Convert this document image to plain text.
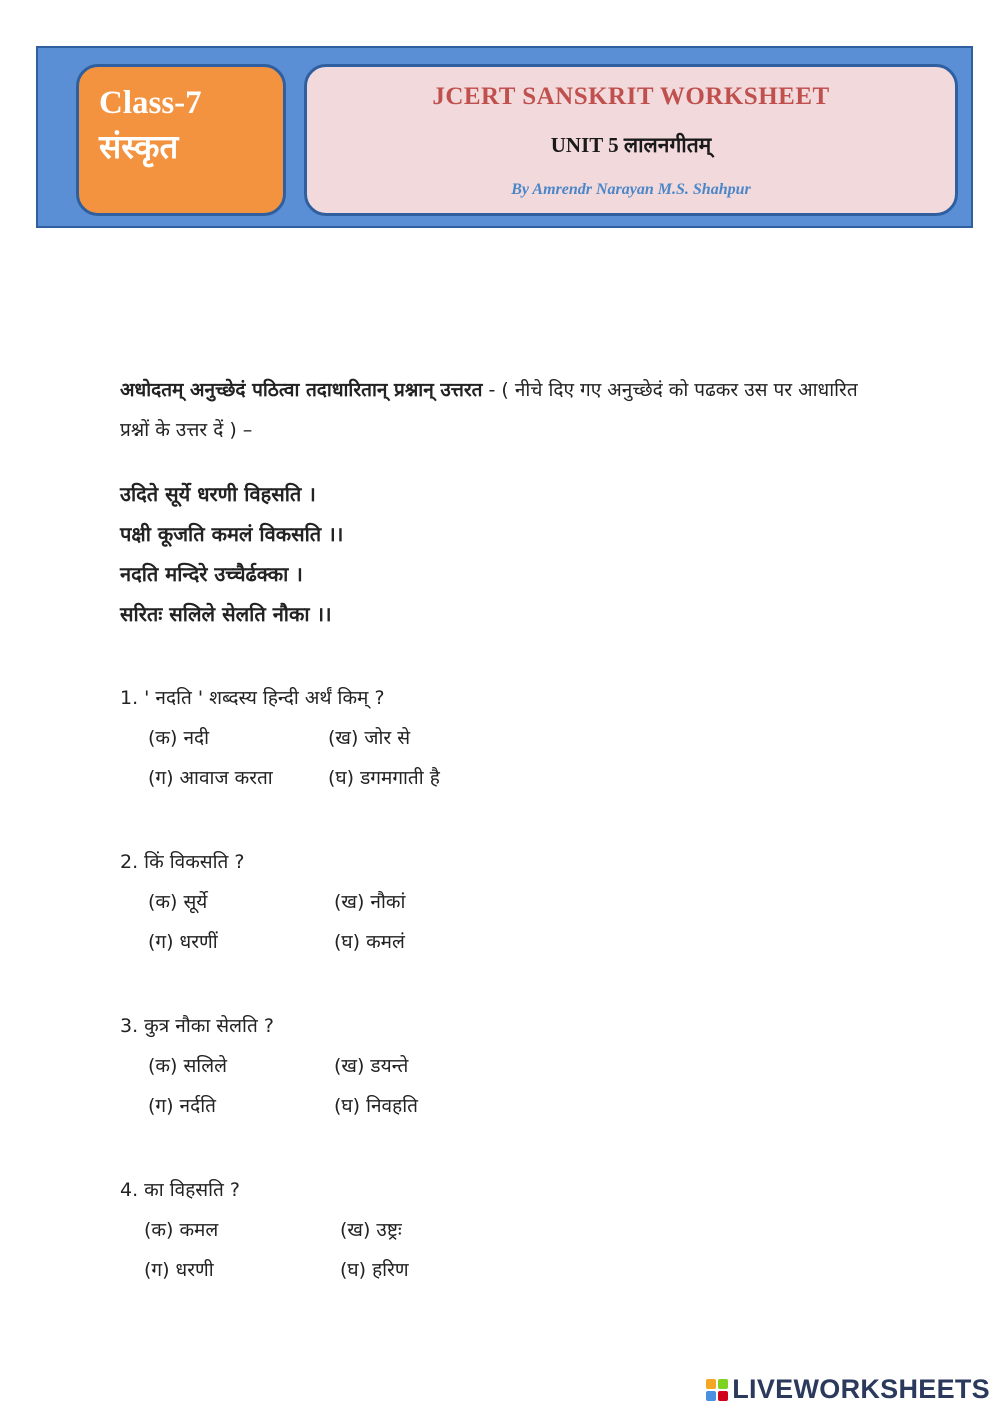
Class-7
संस्कृत
JCERT SANSKRIT WORKSHEET
UNIT 5 लालनगीतम्
By Amrendr Narayan M.S. Shahpur
अधोदतम् अनुच्छेदं पठित्वा तदाधारितान् प्रश्नान् उत्तरत - ( नीचे दिए गए अनुच्छेदं को पढकर उस पर आधारित प्रश्नों के उत्तर दें ) –
उदिते सूर्ये धरणी विहसति ।
पक्षी कूजति कमलं विकसति ।।
नदति मन्दिरे उच्चैर्ढक्का ।
सरितः सलिले सेलति नौका ।।
1. ' नदति ' शब्दस्य हिन्दी अर्थं किम् ?
(क) नदी	(ख) जोर से
(ग) आवाज करता	(घ) डगमगाती है
2. किं विकसति ?
(क) सूर्ये	(ख) नौकां
(ग) धरणीं	(घ) कमलं
3. कुत्र नौका सेलति ?
(क) सलिले	(ख) डयन्ते
(ग) नर्दति	(घ) निवहति
4. का विहसति ?
(क) कमल	(ख) उष्ट्रः
(ग) धरणी	(घ) हरिण
LIVEWORKSHEETS
